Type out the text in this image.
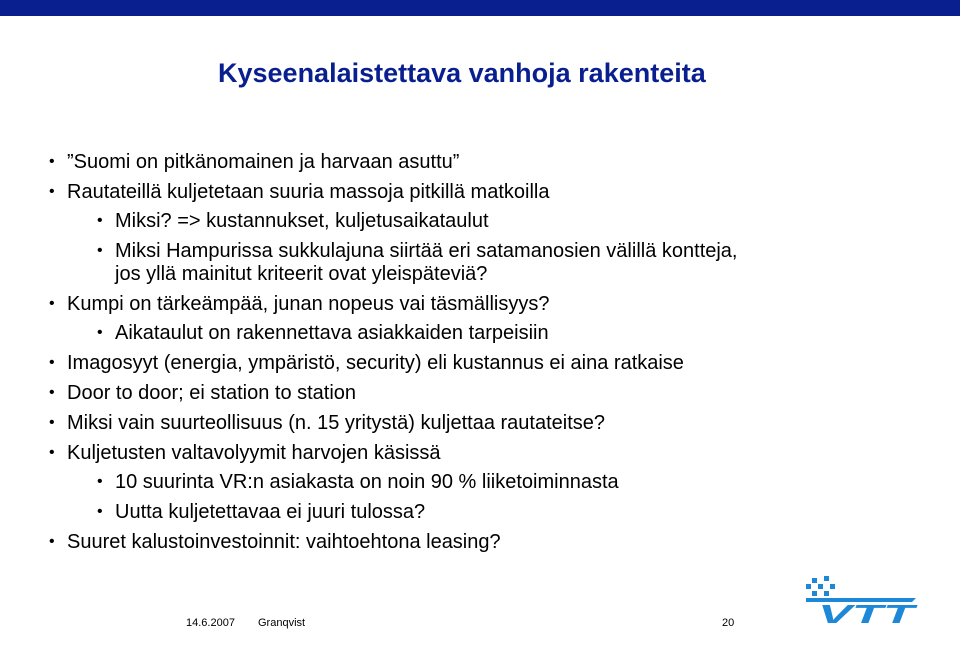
Kyseenalaistettava vanhoja rakenteita
• ”Suomi on pitkänomainen ja harvaan asuttu”
• Rautateillä kuljetetaan suuria massoja pitkillä matkoilla
• Miksi? => kustannukset, kuljetusaikataulut
• Miksi Hampurissa sukkulajuna siirtää eri satamanosien välillä kontteja,
jos yllä mainitut kriteerit ovat yleispäteviä?
• Kumpi on tärkeämpää, junan nopeus vai täsmällisyys?
• Aikataulut on rakennettava asiakkaiden tarpeisiin
• Imagosyyt (energia, ympäristö, security) eli kustannus ei aina ratkaise
• Door to door; ei station to station
• Miksi vain suurteollisuus (n. 15 yritystä) kuljettaa rautateitse?
• Kuljetusten valtavolyymit harvojen käsissä
• 10 suurinta VR:n asiakasta on noin 90 % liiketoiminnasta
• Uutta kuljetettavaa ei juuri tulossa?
• Suuret kalustoinvestoinnit: vaihtoehtona leasing?
14.6.2007 Granqvist	20	VTT
